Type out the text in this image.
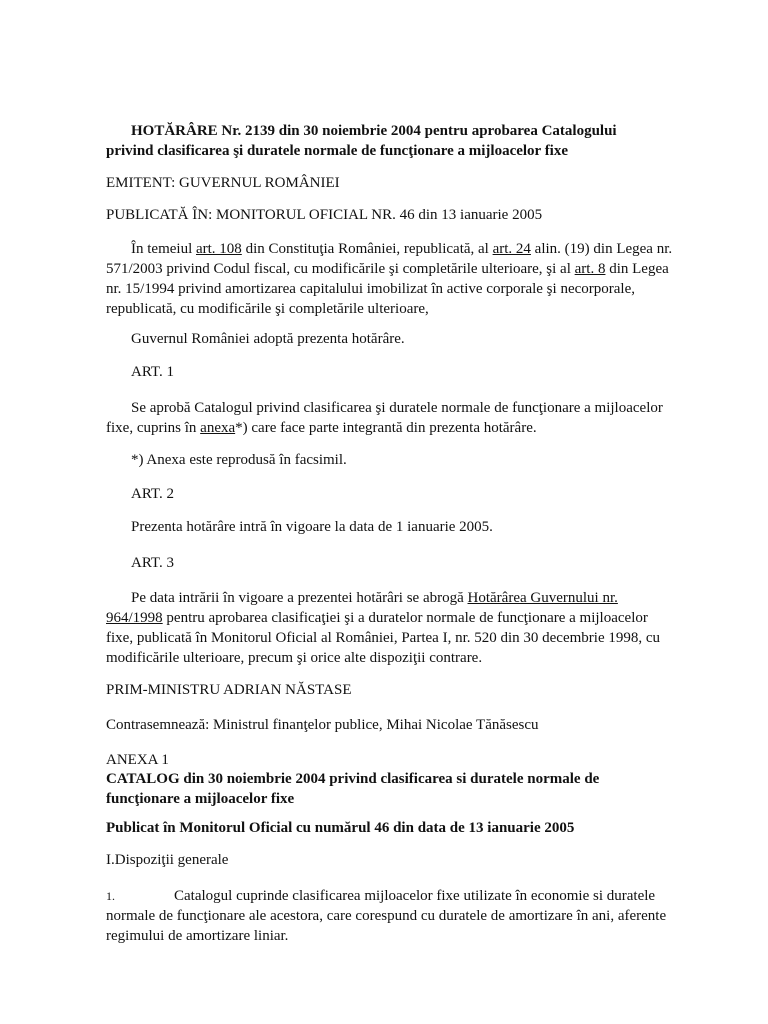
HOTĂRÂRE Nr. 2139 din 30 noiembrie 2004 pentru aprobarea Catalogului
privind clasificarea şi duratele normale de funcţionare a mijloacelor fixe

EMITENT: GUVERNUL ROMÂNIEI

PUBLICATĂ ÎN: MONITORUL OFICIAL NR. 46 din 13 ianuarie 2005

În temeiul art. 108 din Constituţia României, republicată, al art. 24 alin. (19) din Legea nr. 571/2003 privind Codul fiscal, cu modificările şi completările ulterioare, şi al art. 8 din Legea nr. 15/1994 privind amortizarea capitalului imobilizat în active corporale şi necorporale, republicată, cu modificările şi completările ulterioare,

Guvernul României adoptă prezenta hotărâre.

ART. 1

Se aprobă Catalogul privind clasificarea şi duratele normale de funcţionare a mijloacelor fixe, cuprins în anexa*) care face parte integrantă din prezenta hotărâre.

*) Anexa este reprodusă în facsimil.

ART. 2

Prezenta hotărâre intră în vigoare la data de 1 ianuarie 2005.

ART. 3

Pe data intrării în vigoare a prezentei hotărâri se abrogă Hotărârea Guvernului nr. 964/1998 pentru aprobarea clasificaţiei şi a duratelor normale de funcţionare a mijloacelor fixe, publicată în Monitorul Oficial al României, Partea I, nr. 520 din 30 decembrie 1998, cu modificările ulterioare, precum şi orice alte dispoziţii contrare.

PRIM-MINISTRU ADRIAN NĂSTASE

Contrasemnează: Ministrul finanţelor publice, Mihai Nicolae Tănăsescu

ANEXA 1

CATALOG din 30 noiembrie 2004 privind clasificarea si duratele normale de funcţionare a mijloacelor fixe

Publicat în Monitorul Oficial cu numărul 46 din data de 13 ianuarie 2005

I.Dispoziţii generale

1.	Catalogul cuprinde clasificarea mijloacelor fixe utilizate în economie si duratele normale de funcţionare ale acestora, care corespund cu duratele de amortizare în ani, aferente regimului de amortizare liniar.
